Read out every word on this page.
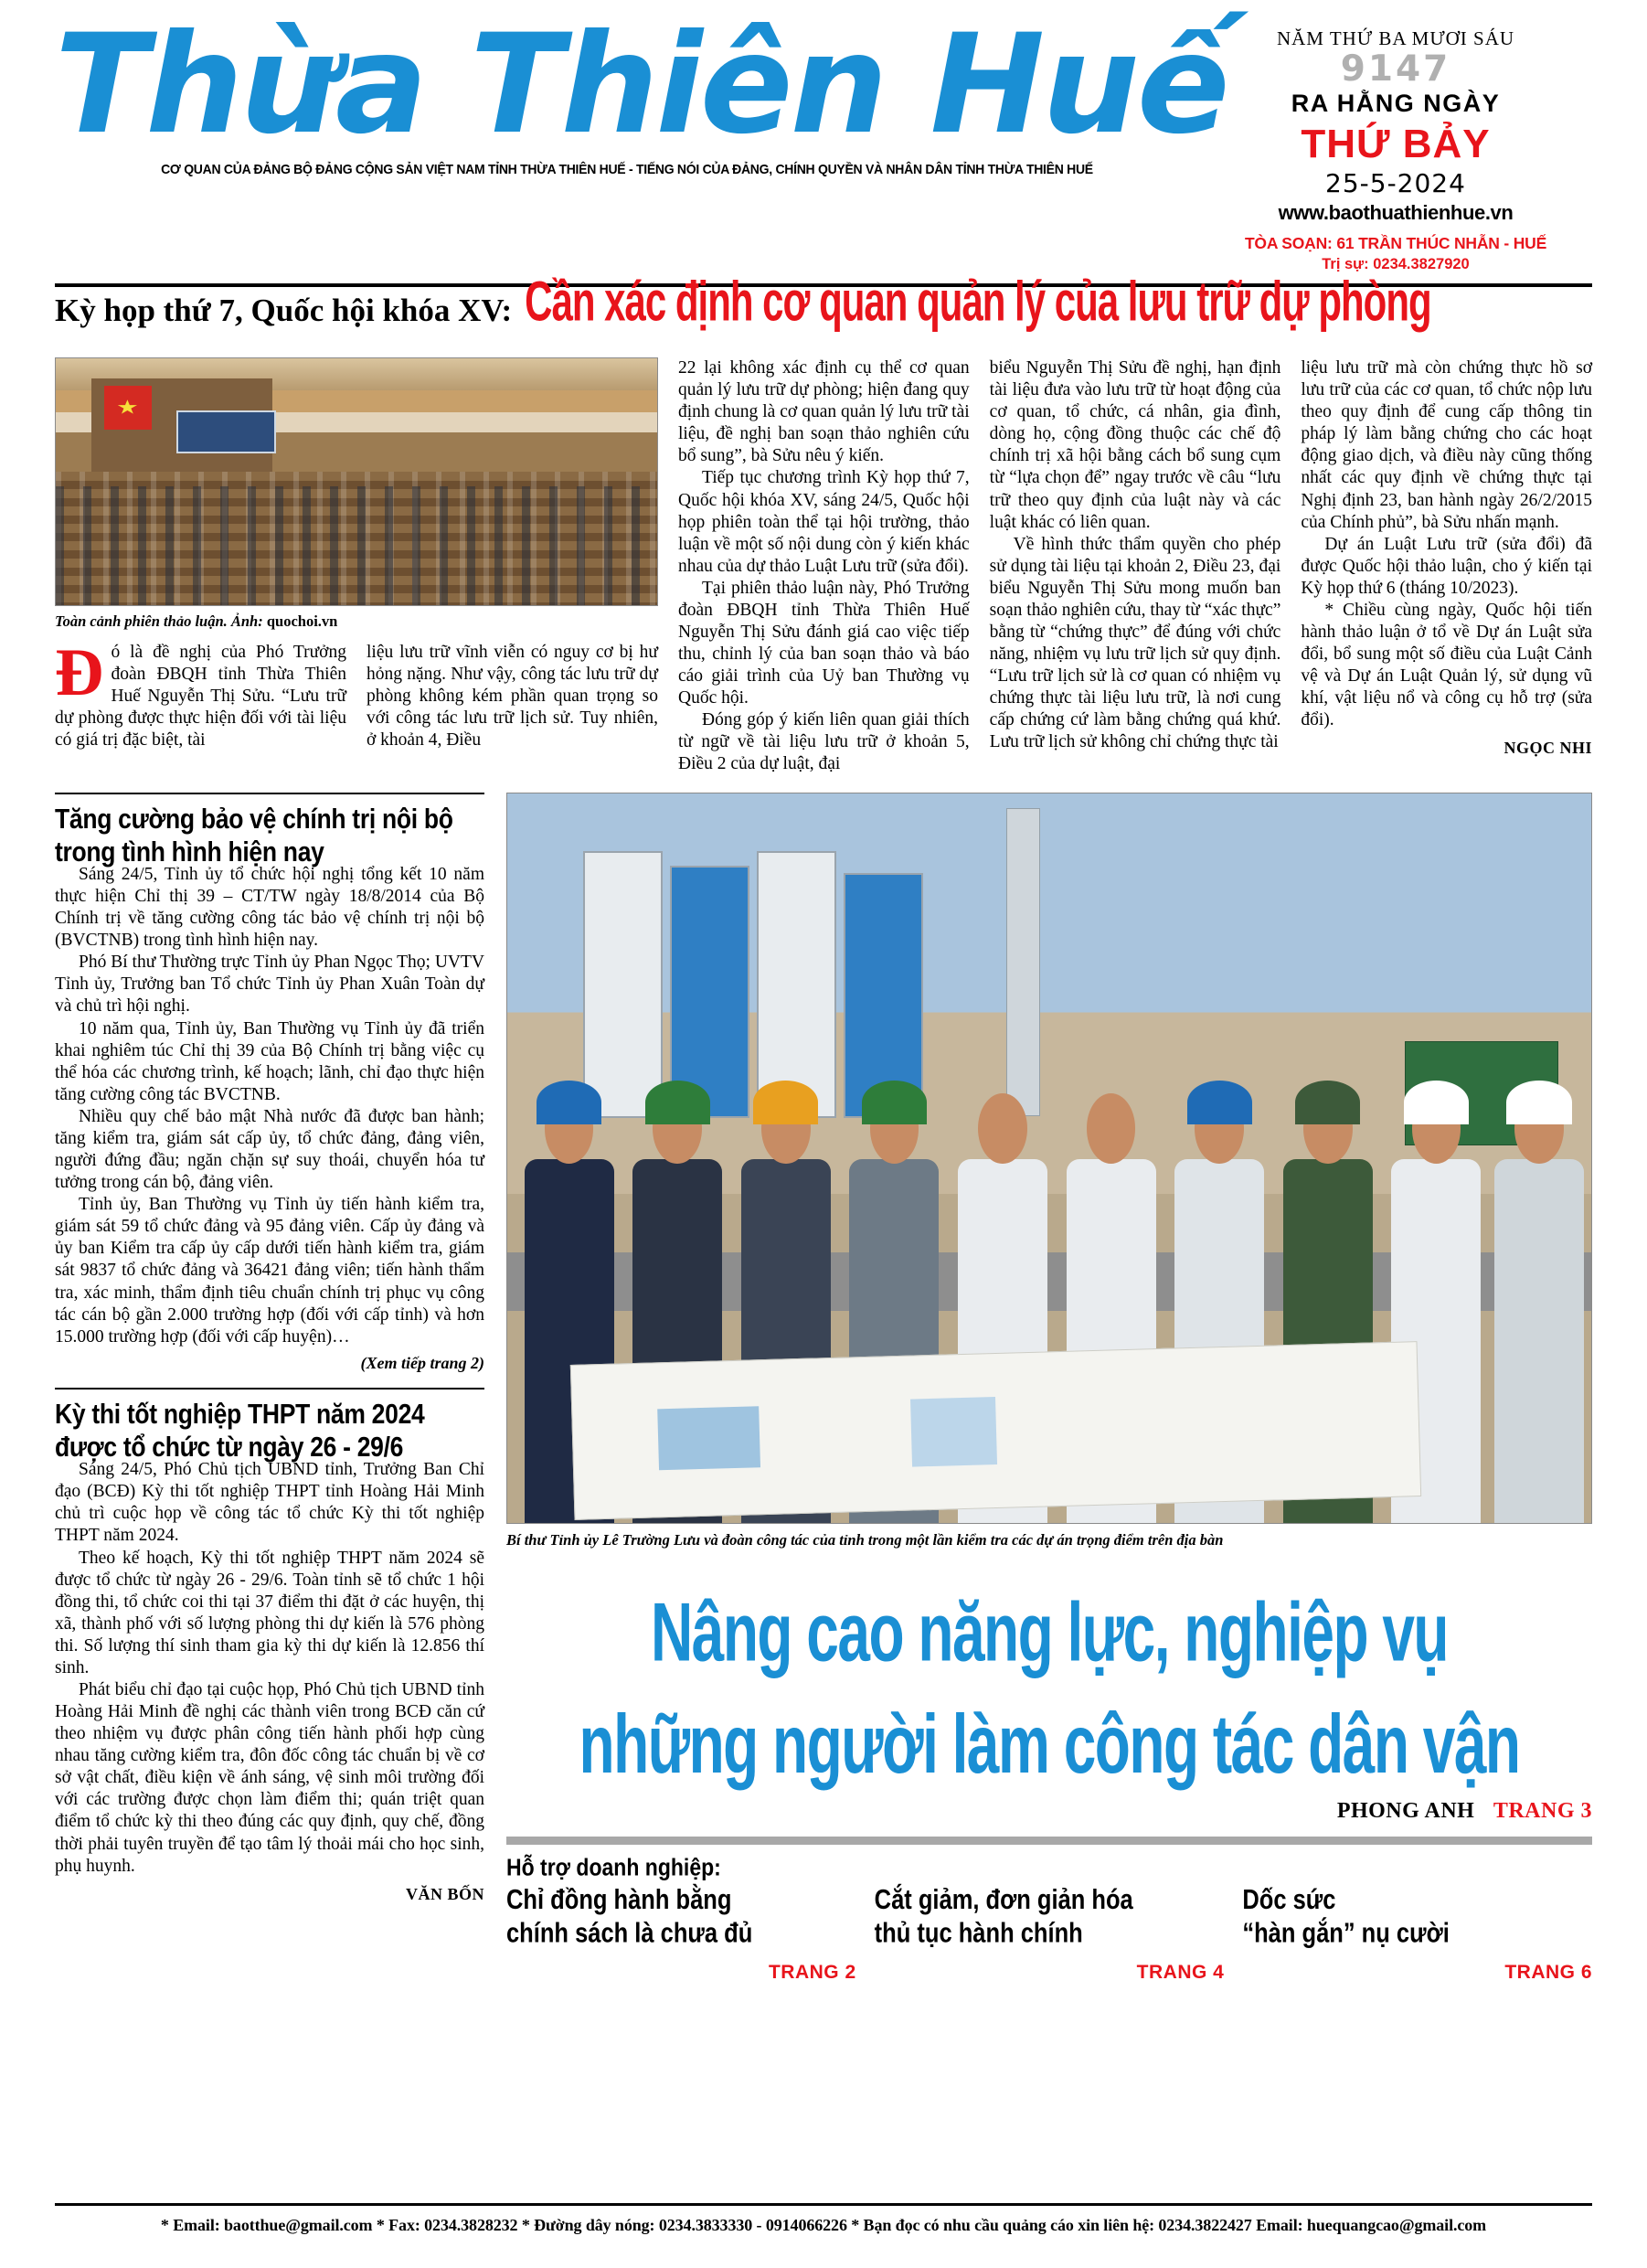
Thừa Thiên Huế
CƠ QUAN CỦA ĐẢNG BỘ ĐẢNG CỘNG SẢN VIỆT NAM TỈNH THỪA THIÊN HUẾ - TIẾNG NÓI CỦA ĐẢNG, CHÍNH QUYỀN VÀ NHÂN DÂN TỈNH THỪA THIÊN HUẾ
NĂM THỨ BA MƯƠI SÁU
9147
RA HẰNG NGÀY
THỨ BẢY
25-5-2024
www.baothuathienhue.vn
TÒA SOẠN: 61 TRẦN THÚC NHẪN - HUẾ
Trị sự: 0234.3827920
Kỳ họp thứ 7, Quốc hội khóa XV: Cần xác định cơ quan quản lý của lưu trữ dự phòng
Toàn cảnh phiên thảo luận. Ảnh: quochoi.vn

Đó là đề nghị của Phó Trưởng đoàn ĐBQH tỉnh Thừa Thiên Huế Nguyễn Thị Sửu. “Lưu trữ dự phòng được thực hiện đối với tài liệu có giá trị đặc biệt, tài

liệu lưu trữ vĩnh viễn có nguy cơ bị hư hỏng nặng. Như vậy, công tác lưu trữ dự phòng không kém phần quan trọng so với công tác lưu trữ lịch sử. Tuy nhiên, ở khoản 4, Điều

22 lại không xác định cụ thể cơ quan quản lý lưu trữ dự phòng; hiện đang quy định chung là cơ quan quản lý lưu trữ tài liệu, đề nghị ban soạn thảo nghiên cứu bổ sung”, bà Sửu nêu ý kiến.

Tiếp tục chương trình Kỳ họp thứ 7, Quốc hội khóa XV, sáng 24/5, Quốc hội họp phiên toàn thể tại hội trường, thảo luận về một số nội dung còn ý kiến khác nhau của dự thảo Luật Lưu trữ (sửa đổi).

Tại phiên thảo luận này, Phó Trưởng đoàn ĐBQH tỉnh Thừa Thiên Huế Nguyễn Thị Sửu đánh giá cao việc tiếp thu, chỉnh lý của ban soạn thảo và báo cáo giải trình của Uỷ ban Thường vụ Quốc hội.

Đóng góp ý kiến liên quan giải thích từ ngữ về tài liệu lưu trữ ở khoản 5, Điều 2 của dự luật, đại

biểu Nguyễn Thị Sửu đề nghị, hạn định tài liệu đưa vào lưu trữ từ hoạt động của cơ quan, tổ chức, cá nhân, gia đình, dòng họ, cộng đồng thuộc các chế độ chính trị xã hội bằng cách bổ sung cụm từ “lựa chọn để” ngay trước về câu “lưu trữ theo quy định của luật này và các luật khác có liên quan.

Về hình thức thẩm quyền cho phép sử dụng tài liệu tại khoản 2, Điều 23, đại biểu Nguyễn Thị Sửu mong muốn ban soạn thảo nghiên cứu, thay từ “xác thực” bằng từ “chứng thực” để đúng với chức năng, nhiệm vụ lưu trữ lịch sử quy định. “Lưu trữ lịch sử là cơ quan có nhiệm vụ chứng thực tài liệu lưu trữ, là nơi cung cấp chứng cứ làm bằng chứng quá khứ. Lưu trữ lịch sử không chỉ chứng thực tài

liệu lưu trữ mà còn chứng thực hồ sơ lưu trữ của các cơ quan, tổ chức nộp lưu theo quy định để cung cấp thông tin pháp lý làm bằng chứng cho các hoạt động giao dịch, và điều này cũng thống nhất các quy định về chứng thực tại Nghị định 23, ban hành ngày 26/2/2015 của Chính phủ”, bà Sửu nhấn mạnh.

Dự án Luật Lưu trữ (sửa đổi) đã được Quốc hội thảo luận, cho ý kiến tại Kỳ họp thứ 6 (tháng 10/2023).

* Chiều cùng ngày, Quốc hội tiến hành thảo luận ở tổ về Dự án Luật sửa đổi, bổ sung một số điều của Luật Cảnh vệ và Dự án Luật Quản lý, sử dụng vũ khí, vật liệu nổ và công cụ hỗ trợ (sửa đổi).

NGỌC NHI
Tăng cường bảo vệ chính trị nội bộ
trong tình hình hiện nay

Sáng 24/5, Tỉnh ủy tổ chức hội nghị tổng kết 10 năm thực hiện Chỉ thị 39 – CT/TW ngày 18/8/2014 của Bộ Chính trị về tăng cường công tác bảo vệ chính trị nội bộ (BVCTNB) trong tình hình hiện nay.

Phó Bí thư Thường trực Tỉnh ủy Phan Ngọc Thọ; UVTV Tỉnh ủy, Trưởng ban Tổ chức Tỉnh ủy Phan Xuân Toàn dự và chủ trì hội nghị.

10 năm qua, Tỉnh ủy, Ban Thường vụ Tỉnh ủy đã triển khai nghiêm túc Chỉ thị 39 của Bộ Chính trị bằng việc cụ thể hóa các chương trình, kế hoạch; lãnh, chỉ đạo thực hiện tăng cường công tác BVCTNB.

Nhiều quy chế bảo mật Nhà nước đã được ban hành; tăng kiểm tra, giám sát cấp ủy, tổ chức đảng, đảng viên, người đứng đầu; ngăn chặn sự suy thoái, chuyển hóa tư tưởng trong cán bộ, đảng viên.

Tỉnh ủy, Ban Thường vụ Tỉnh ủy tiến hành kiểm tra, giám sát 59 tổ chức đảng và 95 đảng viên. Cấp ủy đảng và ủy ban Kiểm tra cấp ủy cấp dưới tiến hành kiểm tra, giám sát 9837 tổ chức đảng và 36421 đảng viên; tiến hành thẩm tra, xác minh, thẩm định tiêu chuẩn chính trị phục vụ công tác cán bộ gần 2.000 trường hợp (đối với cấp tỉnh) và hơn 15.000 trường hợp (đối với cấp huyện)…

(Xem tiếp trang 2)
Kỳ thi tốt nghiệp THPT năm 2024
được tổ chức từ ngày 26 - 29/6

Sáng 24/5, Phó Chủ tịch UBND tỉnh, Trưởng Ban Chỉ đạo (BCĐ) Kỳ thi tốt nghiệp THPT tỉnh Hoàng Hải Minh chủ trì cuộc họp về công tác tổ chức Kỳ thi tốt nghiệp THPT năm 2024.

Theo kế hoạch, Kỳ thi tốt nghiệp THPT năm 2024 sẽ được tổ chức từ ngày 26 - 29/6. Toàn tỉnh sẽ tổ chức 1 hội đồng thi, tổ chức coi thi tại 37 điểm thi đặt ở các huyện, thị xã, thành phố với số lượng phòng thi dự kiến là 576 phòng thi. Số lượng thí sinh tham gia kỳ thi dự kiến là 12.856 thí sinh.

Phát biểu chỉ đạo tại cuộc họp, Phó Chủ tịch UBND tỉnh Hoàng Hải Minh đề nghị các thành viên trong BCĐ căn cứ theo nhiệm vụ được phân công tiến hành phối hợp cùng nhau tăng cường kiểm tra, đôn đốc công tác chuẩn bị về cơ sở vật chất, điều kiện về ánh sáng, vệ sinh môi trường đối với các trường được chọn làm điểm thi; quán triệt quan điểm tổ chức kỳ thi theo đúng các quy định, quy chế, đồng thời phải tuyên truyền để tạo tâm lý thoải mái cho học sinh, phụ huynh.

VĂN BỐN
Bí thư Tỉnh ủy Lê Trường Lưu và đoàn công tác của tỉnh trong một lần kiểm tra các dự án trọng điểm trên địa bàn
Nâng cao năng lực, nghiệp vụ
những người làm công tác dân vận
PHONG ANH TRANG 3
Hỗ trợ doanh nghiệp:
Chỉ đồng hành bằng
chính sách là chưa đủ
TRANG 2
Cắt giảm, đơn giản hóa
thủ tục hành chính
TRANG 4
Dốc sức
“hàn gắn” nụ cười
TRANG 6
* Email: baotthue@gmail.com * Fax: 0234.3828232 * Đường dây nóng: 0234.3833330 - 0914066226 * Bạn đọc có nhu cầu quảng cáo xin liên hệ: 0234.3822427 Email: huequangcao@gmail.com
